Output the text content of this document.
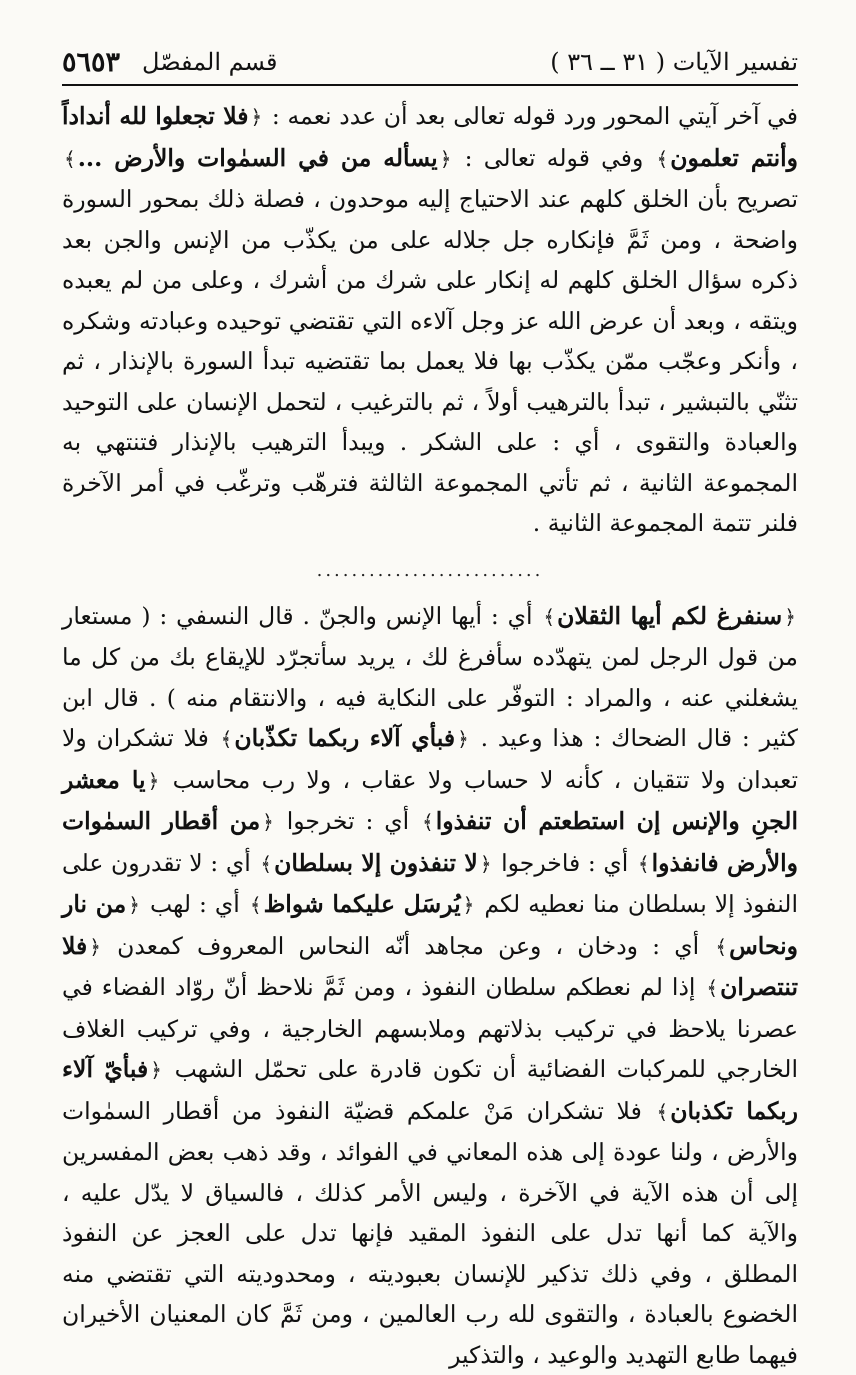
تفسير الآيات ( ٣١ ــ ٣٦ )
قسم المفصّل
٥٦٥٣

في آخر آيتي المحور ورد قوله تعالى بعد أن عدد نعمه : ﴿فلا تجعلوا لله أنداداً وأنتم تعلمون﴾ وفي قوله تعالى : ﴿يسأله من في السمٰوات والأرض ...﴾ تصريح بأن الخلق كلهم عند الاحتياج إليه موحدون ، فصلة ذلك بمحور السورة واضحة ، ومن ثَمَّ فإنكاره جل جلاله على من يكذّب من الإنس والجن بعد ذكره سؤال الخلق كلهم له إنكار على شرك من أشرك ، وعلى من لم يعبده ويتقه ، وبعد أن عرض الله عز وجل آلاءه التي تقتضي توحيده وعبادته وشكره ، وأنكر وعجّب ممّن يكذّب بها فلا يعمل بما تقتضيه تبدأ السورة بالإنذار ، ثم تثنّي بالتبشير ، تبدأ بالترهيب أولاً ، ثم بالترغيب ، لتحمل الإنسان على التوحيد والعبادة والتقوى ، أي : على الشكر . ويبدأ الترهيب بالإنذار فتنتهي به المجموعة الثانية ، ثم تأتي المجموعة الثالثة فترهّب وترغّب في أمر الآخرة فلنر تتمة المجموعة الثانية .

..........................

﴿سنفرغ لكم أيها الثقلان﴾ أي : أيها الإنس والجنّ . قال النسفي : ( مستعار من قول الرجل لمن يتهدّده سأفرغ لك ، يريد سأتجرّد للإيقاع بك من كل ما يشغلني عنه ، والمراد : التوفّر على النكاية فيه ، والانتقام منه ) . قال ابن كثير : قال الضحاك : هذا وعيد . ﴿فبأي آلاء ربكما تكذّبان﴾ فلا تشكران ولا تعبدان ولا تتقيان ، كأنه لا حساب ولا عقاب ، ولا رب محاسب ﴿يا معشر الجنِ والإنس إن استطعتم أن تنفذوا﴾ أي : تخرجوا ﴿من أقطار السمٰوات والأرض فانفذوا﴾ أي : فاخرجوا ﴿لا تنفذون إلا بسلطان﴾ أي : لا تقدرون على النفوذ إلا بسلطان منا نعطيه لكم ﴿يُرسَل عليكما شواظ﴾ أي : لهب ﴿من نار ونحاس﴾ أي : ودخان ، وعن مجاهد أنّه النحاس المعروف كمعدن ﴿فلا تنتصران﴾ إذا لم نعطكم سلطان النفوذ ، ومن ثَمَّ نلاحظ أنّ روّاد الفضاء في عصرنا يلاحظ في تركيب بذلاتهم وملابسهم الخارجية ، وفي تركيب الغلاف الخارجي للمركبات الفضائية أن تكون قادرة على تحمّل الشهب ﴿فبأيّ آلاء ربكما تكذبان﴾ فلا تشكران مَنْ علمكم قضيّة النفوذ من أقطار السمٰوات والأرض ، ولنا عودة إلى هذه المعاني في الفوائد ، وقد ذهب بعض المفسرين إلى أن هذه الآية في الآخرة ، وليس الأمر كذلك ، فالسياق لا يدّل عليه ، والآية كما أنها تدل على النفوذ المقيد فإنها تدل على العجز عن النفوذ المطلق ، وفي ذلك تذكير للإنسان بعبوديته ، ومحدوديته التي تقتضي منه الخضوع بالعبادة ، والتقوى لله رب العالمين ، ومن ثَمَّ كان المعنيان الأخيران فيهما طابع التهديد والوعيد ، والتذكير
